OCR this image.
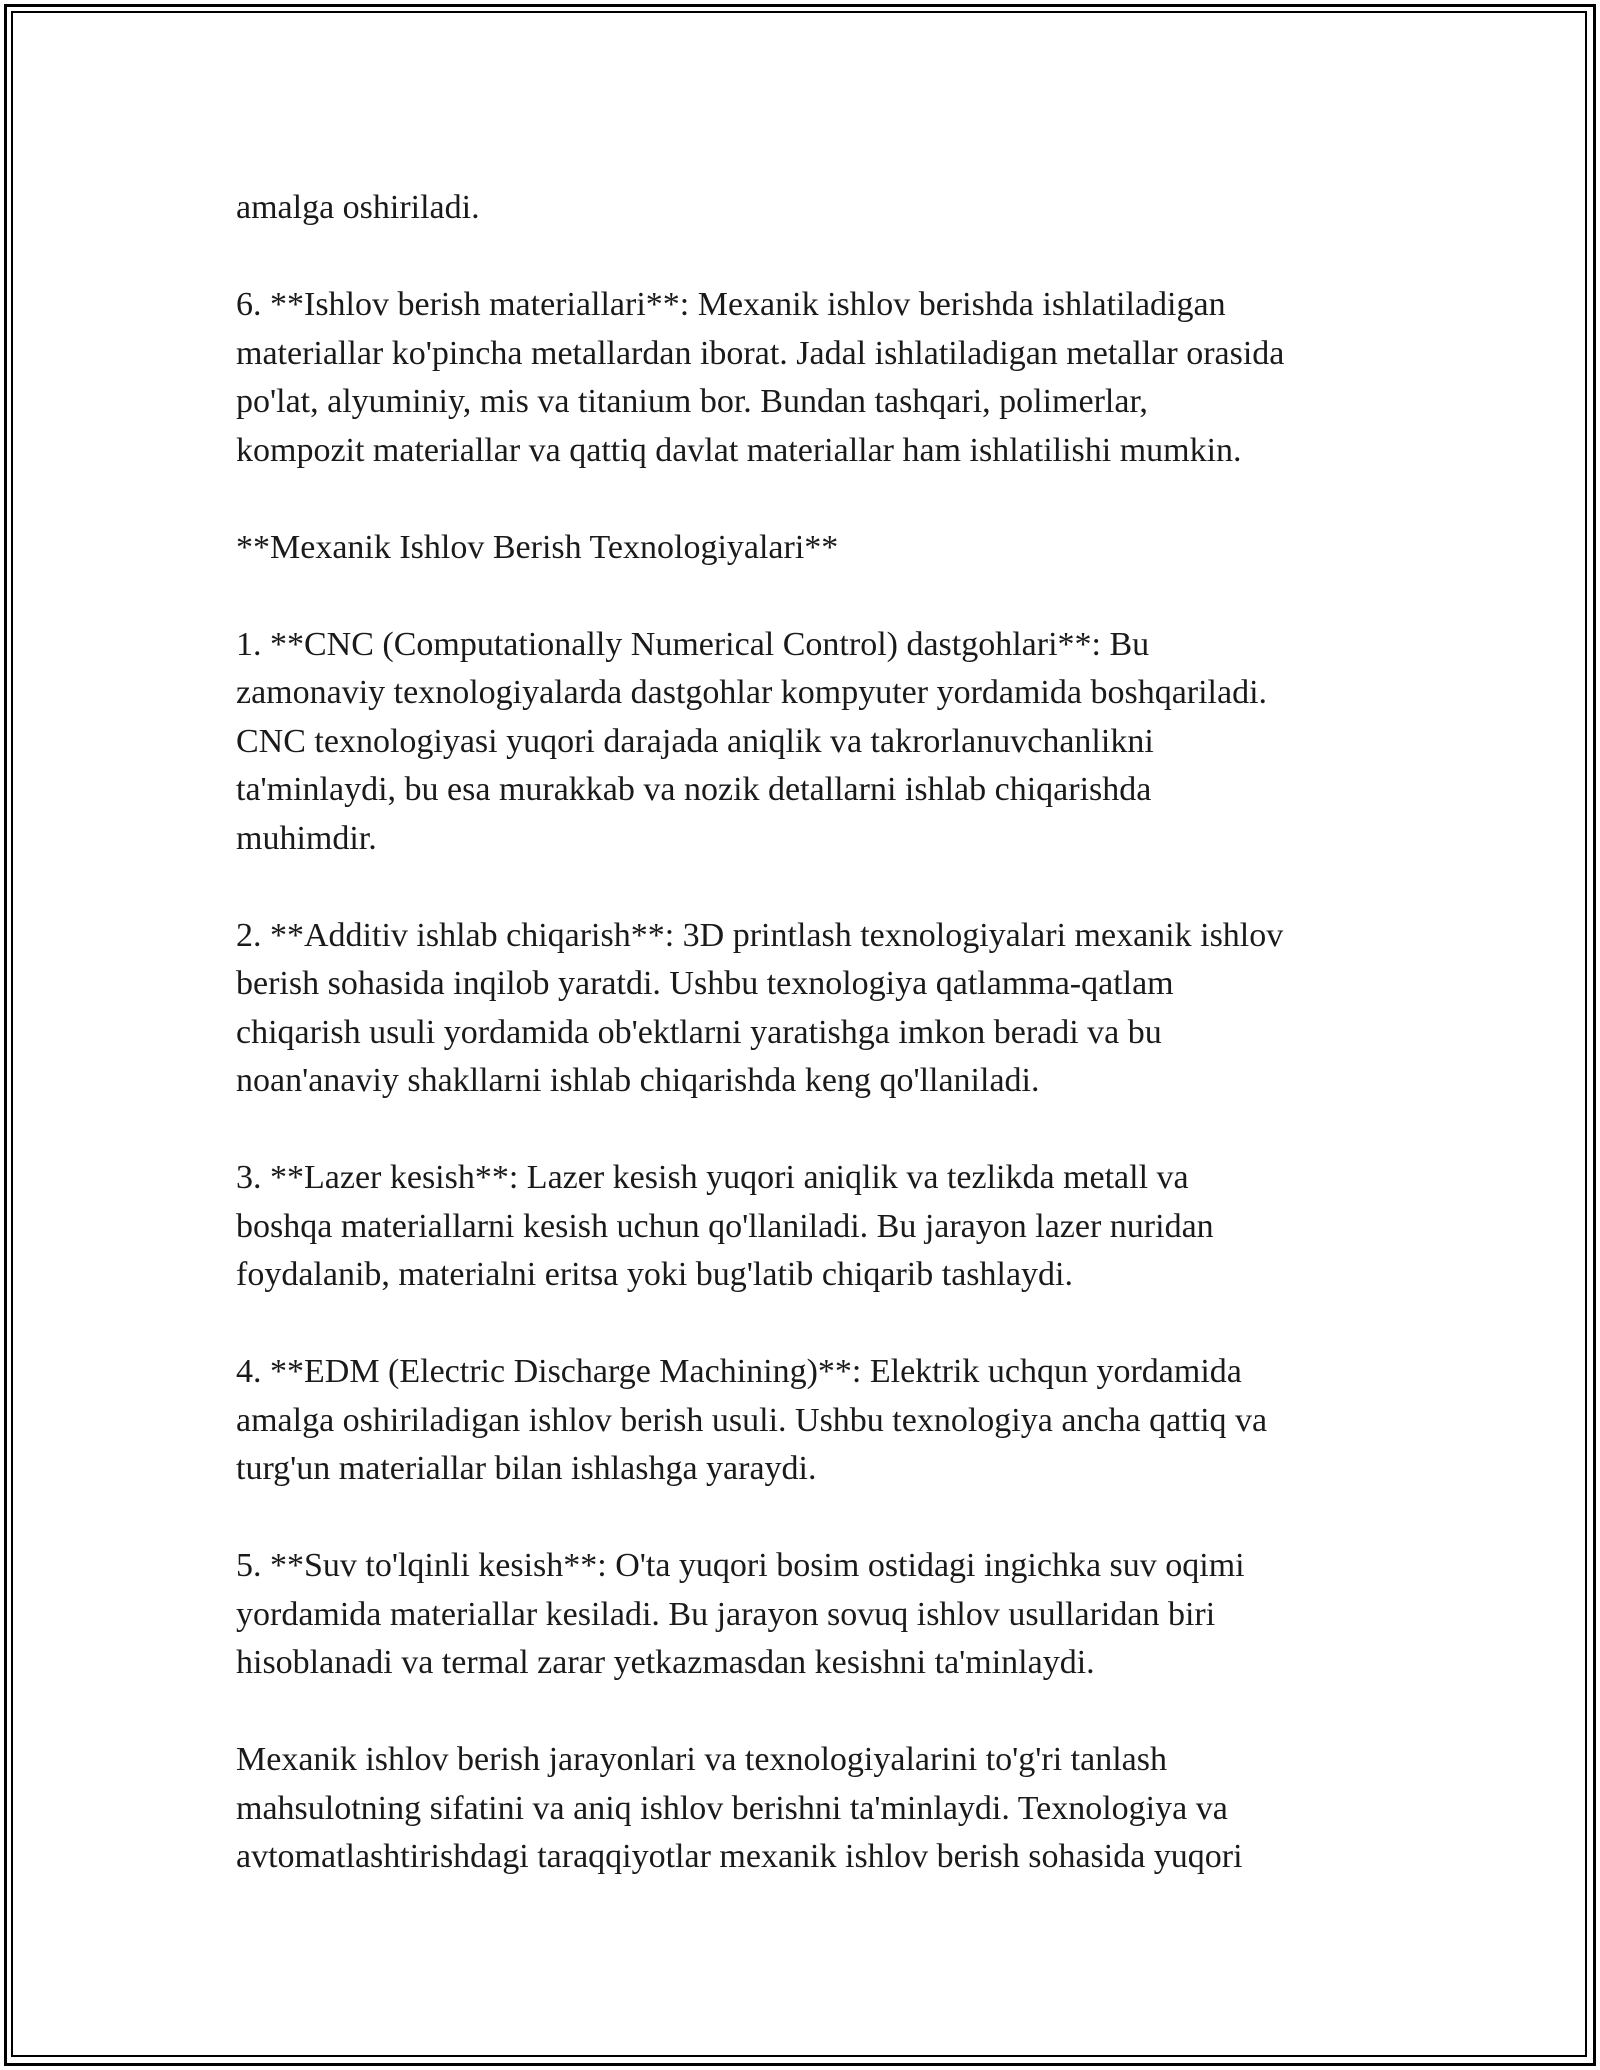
amalga oshiriladi.

6. **Ishlov berish materiallari**: Mexanik ishlov berishda ishlatiladigan
materiallar ko'pincha metallardan iborat. Jadal ishlatiladigan metallar orasida
po'lat, alyuminiy, mis va titanium bor. Bundan tashqari, polimerlar,
kompozit materiallar va qattiq davlat materiallar ham ishlatilishi mumkin.

**Mexanik Ishlov Berish Texnologiyalari**

1. **CNC (Computationally Numerical Control) dastgohlari**: Bu
zamonaviy texnologiyalarda dastgohlar kompyuter yordamida boshqariladi.
CNC texnologiyasi yuqori darajada aniqlik va takrorlanuvchanlikni
ta'minlaydi, bu esa murakkab va nozik detallarni ishlab chiqarishda
muhimdir.

2. **Additiv ishlab chiqarish**: 3D printlash texnologiyalari mexanik ishlov
berish sohasida inqilob yaratdi. Ushbu texnologiya qatlamma-qatlam
chiqarish usuli yordamida ob'ektlarni yaratishga imkon beradi va bu
noan'anaviy shakllarni ishlab chiqarishda keng qo'llaniladi.

3. **Lazer kesish**: Lazer kesish yuqori aniqlik va tezlikda metall va
boshqa materiallarni kesish uchun qo'llaniladi. Bu jarayon lazer nuridan
foydalanib, materialni eritsa yoki bug'latib chiqarib tashlaydi.

4. **EDM (Electric Discharge Machining)**: Elektrik uchqun yordamida
amalga oshiriladigan ishlov berish usuli. Ushbu texnologiya ancha qattiq va
turg'un materiallar bilan ishlashga yaraydi.

5. **Suv to'lqinli kesish**: O'ta yuqori bosim ostidagi ingichka suv oqimi
yordamida materiallar kesiladi. Bu jarayon sovuq ishlov usullaridan biri
hisoblanadi va termal zarar yetkazmasdan kesishni ta'minlaydi.

Mexanik ishlov berish jarayonlari va texnologiyalarini to'g'ri tanlash
mahsulotning sifatini va aniq ishlov berishni ta'minlaydi. Texnologiya va
avtomatlashtirishdagi taraqqiyotlar mexanik ishlov berish sohasida yuqori
